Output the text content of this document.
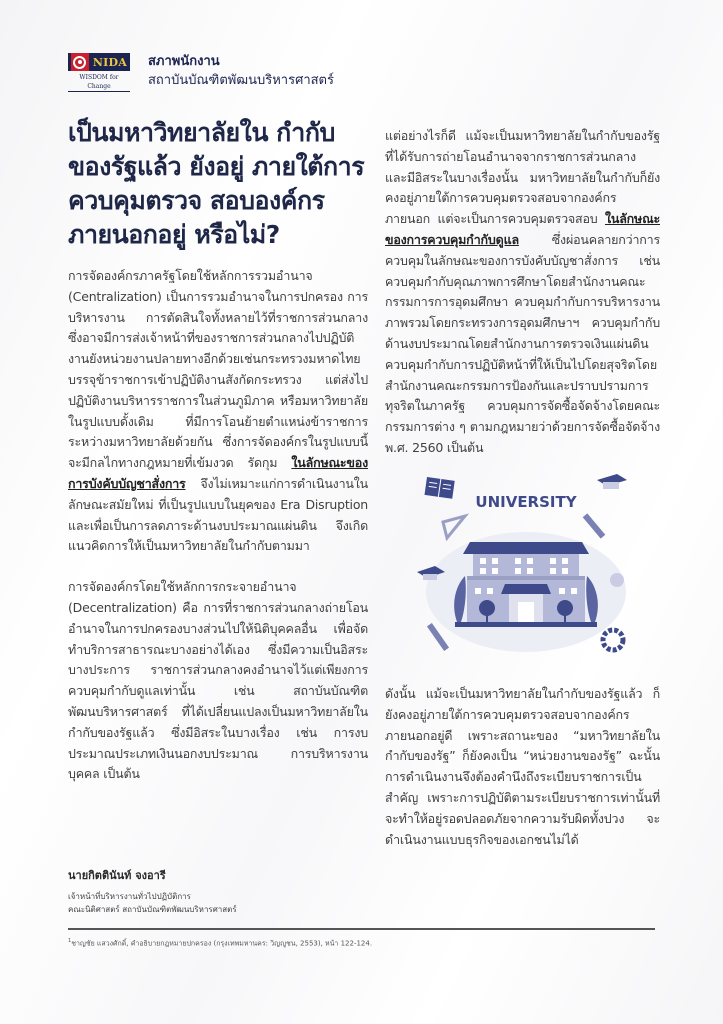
NIDA
WISDOM for Change
สภาพนักงาน
สถาบันบัณฑิตพัฒนบริหารศาสตร์
เป็นมหาวิทยาลัยใน กำกับของรัฐแล้ว ยังอยู่ ภายใต้การควบคุมตรวจ สอบองค์กรภายนอกอยู่ หรือไม่?

การจัดองค์กรภาครัฐโดยใช้หลักการรวมอำนาจ (Centralization) เป็นการรวมอำนาจในการปกครอง การบริหารงาน การตัดสินใจทั้งหลายไว้ที่ราชการส่วนกลาง ซึ่งอาจมีการส่งเจ้าหน้าที่ของราชการส่วนกลางไปปฏิบัติงานยังหน่วยงานปลายทางอีกด้วยเช่นกระทรวงมหาดไทยบรรจุข้าราชการเข้าปฏิบัติงานสังกัดกระทรวง แต่ส่งไปปฏิบัติงานบริหารราชการในส่วนภูมิภาค หรือมหาวิทยาลัยในรูปแบบดั้งเดิม ที่มีการโอนย้ายตำแหน่งข้าราชการระหว่างมหาวิทยาลัยด้วยกัน ซึ่งการจัดองค์กรในรูปแบบนี้จะมีกลไกทางกฎหมายที่เข้มงวด รัดกุม ในลักษณะของการบังคับบัญชาสั่งการ จึงไม่เหมาะแก่การดำเนินงานในลักษณะสมัยใหม่ ที่เป็นรูปแบบในยุคของ Era Disruption และเพื่อเป็นการลดภาระด้านงบประมาณแผ่นดิน จึงเกิดแนวคิดการให้เป็นมหาวิทยาลัยในกำกับตามมา

การจัดองค์กรโดยใช้หลักการกระจายอำนาจ (Decentralization) คือ การที่ราชการส่วนกลางถ่ายโอนอำนาจในการปกครองบางส่วนไปให้นิติบุคคลอื่น เพื่อจัดทำบริการสาธารณะบางอย่างได้เอง ซึ่งมีความเป็นอิสระบางประการ ราชการส่วนกลางคงอำนาจไว้แต่เพียงการควบคุมกำกับดูแลเท่านั้น เช่น สถาบันบัณฑิตพัฒนบริหารศาสตร์ ที่ได้เปลี่ยนแปลงเป็นมหาวิทยาลัยในกำกับของรัฐแล้ว ซึ่งมีอิสระในบางเรื่อง เช่น การงบประมาณประเภทเงินนอกงบประมาณ การบริหารงานบุคคล เป็นต้น

แต่อย่างไรก็ดี แม้จะเป็นมหาวิทยาลัยในกำกับของรัฐที่ได้รับการถ่ายโอนอำนาจจากราชการส่วนกลาง และมีอิสระในบางเรื่องนั้น มหาวิทยาลัยในกำกับก็ยังคงอยู่ภายใต้การควบคุมตรวจสอบจากองค์กรภายนอก แต่จะเป็นการควบคุมตรวจสอบ ในลักษณะของการควบคุมกำกับดูแล ซึ่งผ่อนคลายกว่าการควบคุมในลักษณะของการบังคับบัญชาสั่งการ เช่น ควบคุมกำกับคุณภาพการศึกษาโดยสำนักงานคณะกรรมการการอุดมศึกษา ควบคุมกำกับการบริหารงานภาพรวมโดยกระทรวงการอุดมศึกษาฯ ควบคุมกำกับด้านงบประมาณโดยสำนักงานการตรวจเงินแผ่นดิน ควบคุมกำกับการปฏิบัติหน้าที่ให้เป็นไปโดยสุจริตโดยสำนักงานคณะกรรมการป้องกันและปราบปรามการทุจริตในภาครัฐ ควบคุมการจัดซื้อจัดจ้างโดยคณะกรรมการต่าง ๆ ตามกฎหมายว่าด้วยการจัดซื้อจัดจ้าง พ.ศ. 2560 เป็นต้น

UNIVERSITY

ดังนั้น แม้จะเป็นมหาวิทยาลัยในกำกับของรัฐแล้ว ก็ยังคงอยู่ภายใต้การควบคุมตรวจสอบจากองค์กรภายนอกอยู่ดี เพราะสถานะของ “มหาวิทยาลัยในกำกับของรัฐ” ก็ยังคงเป็น “หน่วยงานของรัฐ” ฉะนั้นการดำเนินงานจึงต้องคำนึงถึงระเบียบราชการเป็นสำคัญ เพราะการปฏิบัติตามระเบียบราชการเท่านั้นที่จะทำให้อยู่รอดปลอดภัยจากความรับผิดทั้งปวง จะดำเนินงานแบบธุรกิจของเอกชนไม่ได้

นายกิตตินันท์ จงอารี
เจ้าหน้าที่บริหารงานทั่วไปปฏิบัติการ
คณะนิติศาสตร์ สถาบันบัณฑิตพัฒนบริหารศาสตร์
$^1$ชาญชัย แสวงศักดิ์, คำอธิบายกฎหมายปกครอง (กรุงเทพมหานคร: วิญญูชน, 2553), หน้า 122-124.
